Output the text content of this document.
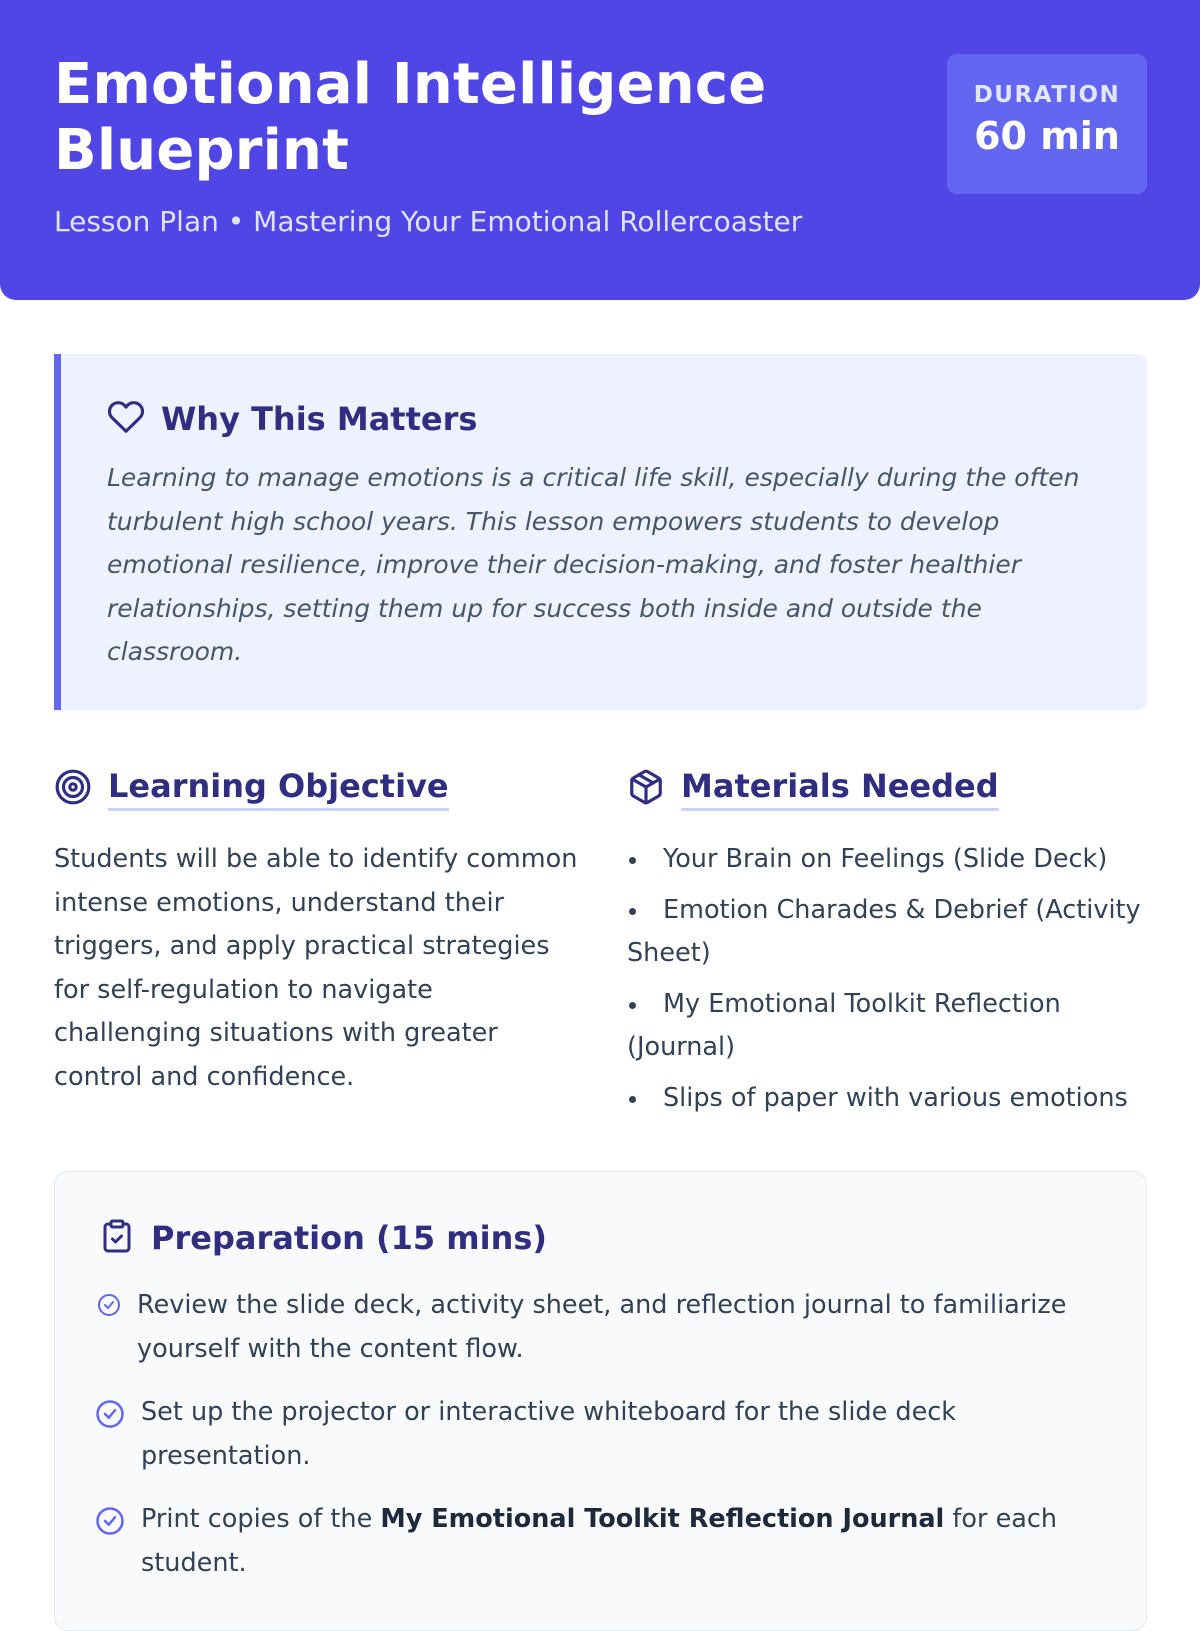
Emotional Intelligence Blueprint
Lesson Plan • Mastering Your Emotional Rollercoaster
DURATION
60 min
Why This Matters

Learning to manage emotions is a critical life skill, especially during the often turbulent high school years. This lesson empowers students to develop emotional resilience, improve their decision-making, and foster healthier relationships, setting them up for success both inside and outside the classroom.

Learning Objective

Students will be able to identify common intense emotions, understand their triggers, and apply practical strategies for self-regulation to navigate challenging situations with greater control and confidence.

Materials Needed
Your Brain on Feelings (Slide Deck)
Emotion Charades & Debrief (Activity Sheet)
My Emotional Toolkit Reflection (Journal)
Slips of paper with various emotions
Preparation (15 mins)
Review the slide deck, activity sheet, and reflection journal to familiarize yourself with the content flow.
Set up the projector or interactive whiteboard for the slide deck presentation.
Print copies of the My Emotional Toolkit Reflection Journal for each student.
